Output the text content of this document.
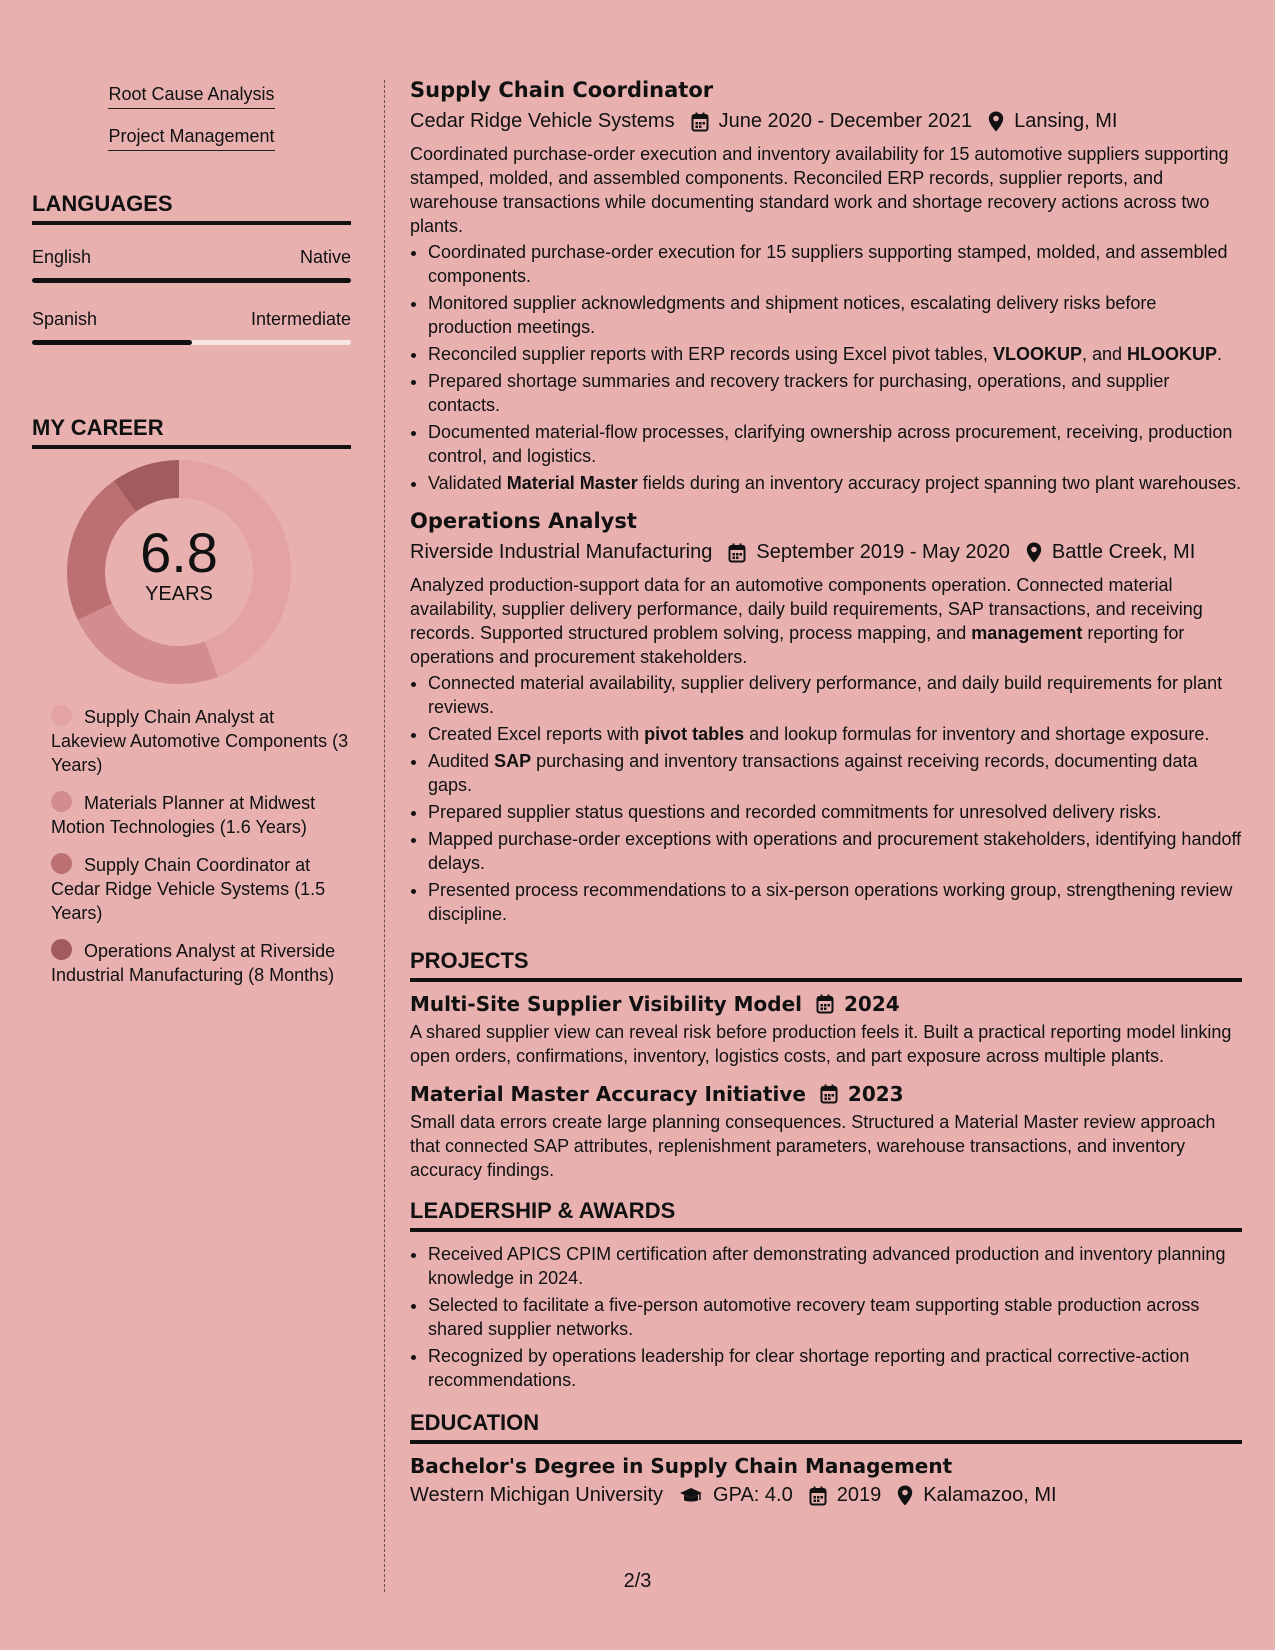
Root Cause Analysis
Project Management
LANGUAGES
English	Native
Spanish	Intermediate
MY CAREER
6.8
YEARS
Supply Chain Analyst at Lakeview Automotive Components (3 Years)
Materials Planner at Midwest Motion Technologies (1.6 Years)
Supply Chain Coordinator at Cedar Ridge Vehicle Systems (1.5 Years)
Operations Analyst at Riverside Industrial Manufacturing (8 Months)
Supply Chain Coordinator
Cedar Ridge Vehicle Systems June 2020 - December 2021 Lansing, MI
Coordinated purchase-order execution and inventory availability for 15 automotive suppliers supporting stamped, molded, and assembled components. Reconciled ERP records, supplier reports, and warehouse transactions while documenting standard work and shortage recovery actions across two plants.
• Coordinated purchase-order execution for 15 suppliers supporting stamped, molded, and assembled components.
• Monitored supplier acknowledgments and shipment notices, escalating delivery risks before production meetings.
• Reconciled supplier reports with ERP records using Excel pivot tables, VLOOKUP, and HLOOKUP.
• Prepared shortage summaries and recovery trackers for purchasing, operations, and supplier contacts.
• Documented material-flow processes, clarifying ownership across procurement, receiving, production control, and logistics.
• Validated Material Master fields during an inventory accuracy project spanning two plant warehouses.
Operations Analyst
Riverside Industrial Manufacturing September 2019 - May 2020 Battle Creek, MI
Analyzed production-support data for an automotive components operation. Connected material availability, supplier delivery performance, daily build requirements, SAP transactions, and receiving records. Supported structured problem solving, process mapping, and management reporting for operations and procurement stakeholders.
• Connected material availability, supplier delivery performance, and daily build requirements for plant reviews.
• Created Excel reports with pivot tables and lookup formulas for inventory and shortage exposure.
• Audited SAP purchasing and inventory transactions against receiving records, documenting data gaps.
• Prepared supplier status questions and recorded commitments for unresolved delivery risks.
• Mapped purchase-order exceptions with operations and procurement stakeholders, identifying handoff delays.
• Presented process recommendations to a six-person operations working group, strengthening review discipline.
PROJECTS
Multi-Site Supplier Visibility Model 2024
A shared supplier view can reveal risk before production feels it. Built a practical reporting model linking open orders, confirmations, inventory, logistics costs, and part exposure across multiple plants.
Material Master Accuracy Initiative 2023
Small data errors create large planning consequences. Structured a Material Master review approach that connected SAP attributes, replenishment parameters, warehouse transactions, and inventory accuracy findings.
LEADERSHIP & AWARDS
• Received APICS CPIM certification after demonstrating advanced production and inventory planning knowledge in 2024.
• Selected to facilitate a five-person automotive recovery team supporting stable production across shared supplier networks.
• Recognized by operations leadership for clear shortage reporting and practical corrective-action recommendations.
EDUCATION
Bachelor's Degree in Supply Chain Management
Western Michigan University	GPA: 4.0 2019 Kalamazoo, MI
2/3
